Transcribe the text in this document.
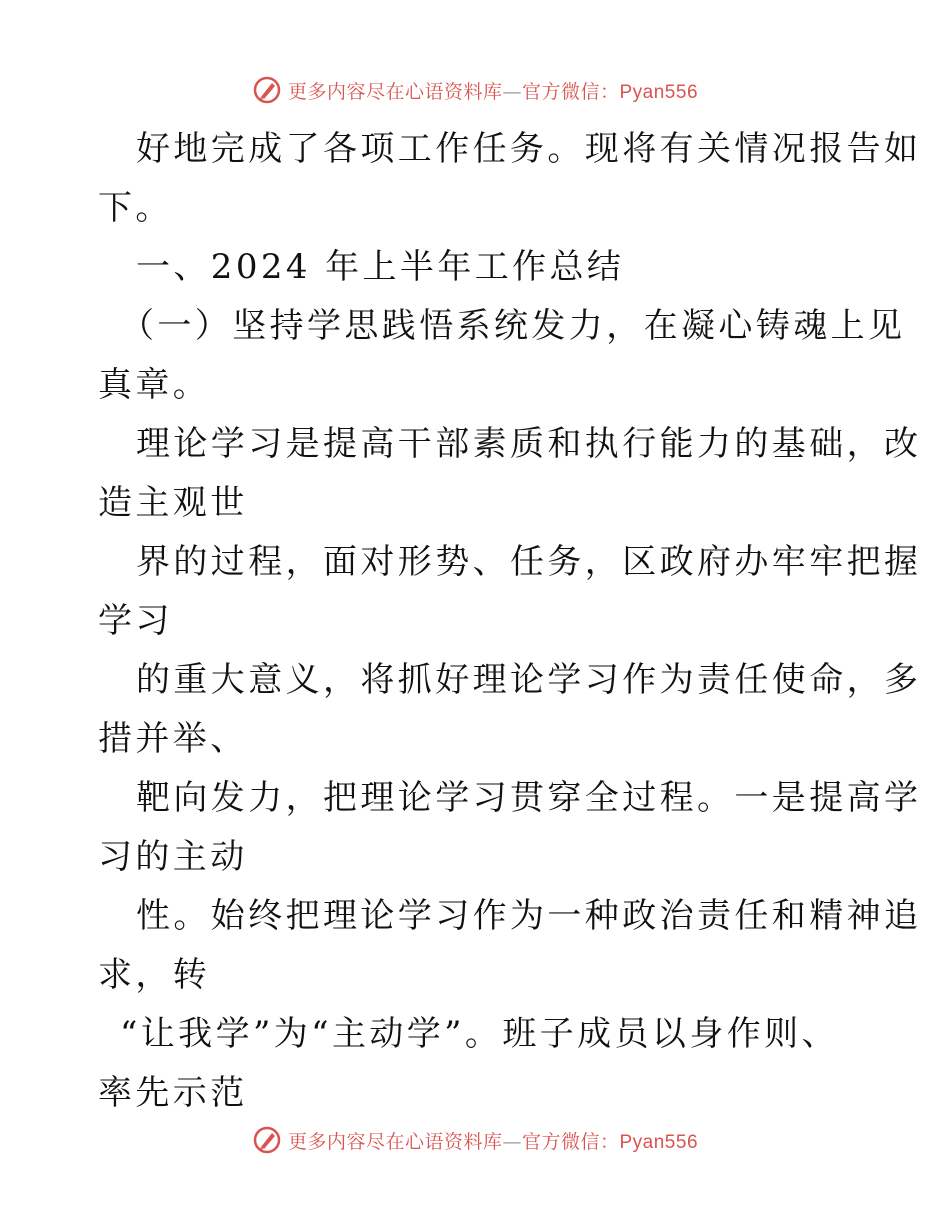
更多内容尽在心语资料库—官方微信：Pyan556
好地完成了各项工作任务。现将有关情况报告如
下。
一、2024 年上半年工作总结
（一）坚持学思践悟系统发力，在凝心铸魂上见
真章。
理论学习是提高干部素质和执行能力的基础，改
造主观世
界的过程，面对形势、任务，区政府办牢牢把握
学习
的重大意义，将抓好理论学习作为责任使命，多
措并举、
靶向发力，把理论学习贯穿全过程。一是提高学
习的主动
性。始终把理论学习作为一种政治责任和精神追
求，转
“让我学”为“主动学”。班子成员以身作则、
率先示范
更多内容尽在心语资料库—官方微信：Pyan556
